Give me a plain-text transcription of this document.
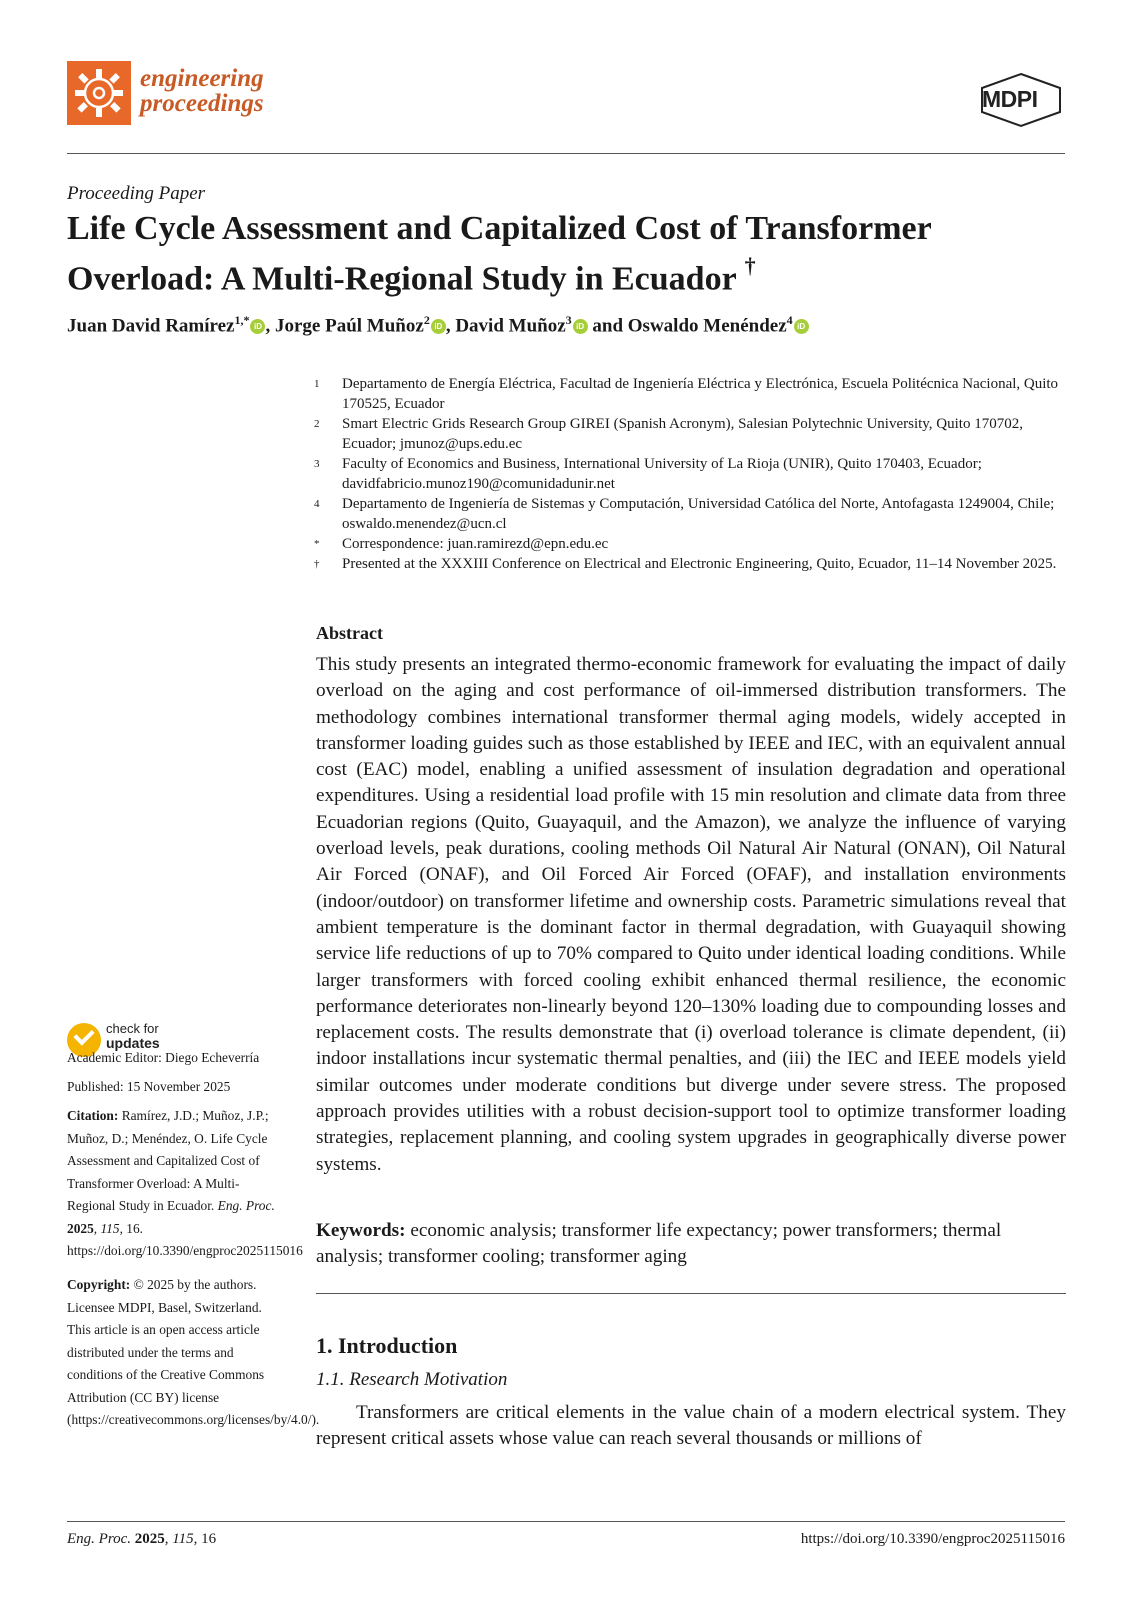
engineering
proceedings	MDPI
Proceeding Paper
Life Cycle Assessment and Capitalized Cost of Transformer
Overload: A Multi-Regional Study in Ecuador †
Juan David Ramírez$^{1,*}$ iD , Jorge Paúl Muñoz$^2$ iD , David Muñoz$^3$ iD and Oswaldo Menéndez$^4$ iD
1	Departamento de Energía Eléctrica, Facultad de Ingeniería Eléctrica y Electrónica, Escuela Politécnica Nacional, Quito 170525, Ecuador
2	Smart Electric Grids Research Group GIREI (Spanish Acronym), Salesian Polytechnic University, Quito 170702, Ecuador; jmunoz@ups.edu.ec
3	Faculty of Economics and Business, International University of La Rioja (UNIR), Quito 170403, Ecuador; davidfabricio.munoz190@comunidadunir.net
4	Departamento de Ingeniería de Sistemas y Computación, Universidad Católica del Norte, Antofagasta 1249004, Chile; oswaldo.menendez@ucn.cl
*	Correspondence: juan.ramirezd@epn.edu.ec
†	Presented at the XXXIII Conference on Electrical and Electronic Engineering, Quito, Ecuador, 11–14 November 2025.
Abstract
This study presents an integrated thermo-economic framework for evaluating the impact of daily overload on the aging and cost performance of oil-immersed distribution transformers. The methodology combines international transformer thermal aging models, widely accepted in transformer loading guides such as those established by IEEE and IEC, with an equivalent annual cost (EAC) model, enabling a unified assessment of insulation degradation and operational expenditures. Using a residential load profile with 15 min resolution and climate data from three Ecuadorian regions (Quito, Guayaquil, and the Amazon), we analyze the influence of varying overload levels, peak durations, cooling methods Oil Natural Air Natural (ONAN), Oil Natural Air Forced (ONAF), and Oil Forced Air Forced (OFAF), and installation environments (indoor/outdoor) on transformer lifetime and ownership costs. Parametric simulations reveal that ambient temperature is the dominant factor in thermal degradation, with Guayaquil showing service life reductions of up to 70% compared to Quito under identical loading conditions. While larger transformers with forced cooling exhibit enhanced thermal resilience, the economic performance deteriorates non-linearly beyond 120–130% loading due to compounding losses and replacement costs. The results demonstrate that (i) overload tolerance is climate dependent, (ii) indoor installations incur systematic thermal penalties, and (iii) the IEC and IEEE models yield similar outcomes under moderate conditions but diverge under severe stress. The proposed approach provides utilities with a robust decision-support tool to optimize transformer loading strategies, replacement planning, and cooling system upgrades in geographically diverse power systems.
Keywords: economic analysis; transformer life expectancy; power transformers; thermal analysis; transformer cooling; transformer aging
1. Introduction
1.1. Research Motivation
Transformers are critical elements in the value chain of a modern electrical system. They represent critical assets whose value can reach several thousands or millions of
check for
updates
Academic Editor: Diego Echeverría
Published: 15 November 2025
Citation: Ramírez, J.D.; Muñoz, J.P.; Muñoz, D.; Menéndez, O. Life Cycle Assessment and Capitalized Cost of Transformer Overload: A Multi-Regional Study in Ecuador. Eng. Proc. 2025, 115, 16. https://doi.org/10.3390/engproc2025115016
Copyright: © 2025 by the authors. Licensee MDPI, Basel, Switzerland. This article is an open access article distributed under the terms and conditions of the Creative Commons Attribution (CC BY) license (https://creativecommons.org/licenses/by/4.0/).
Eng. Proc. 2025, 115, 16	https://doi.org/10.3390/engproc2025115016
